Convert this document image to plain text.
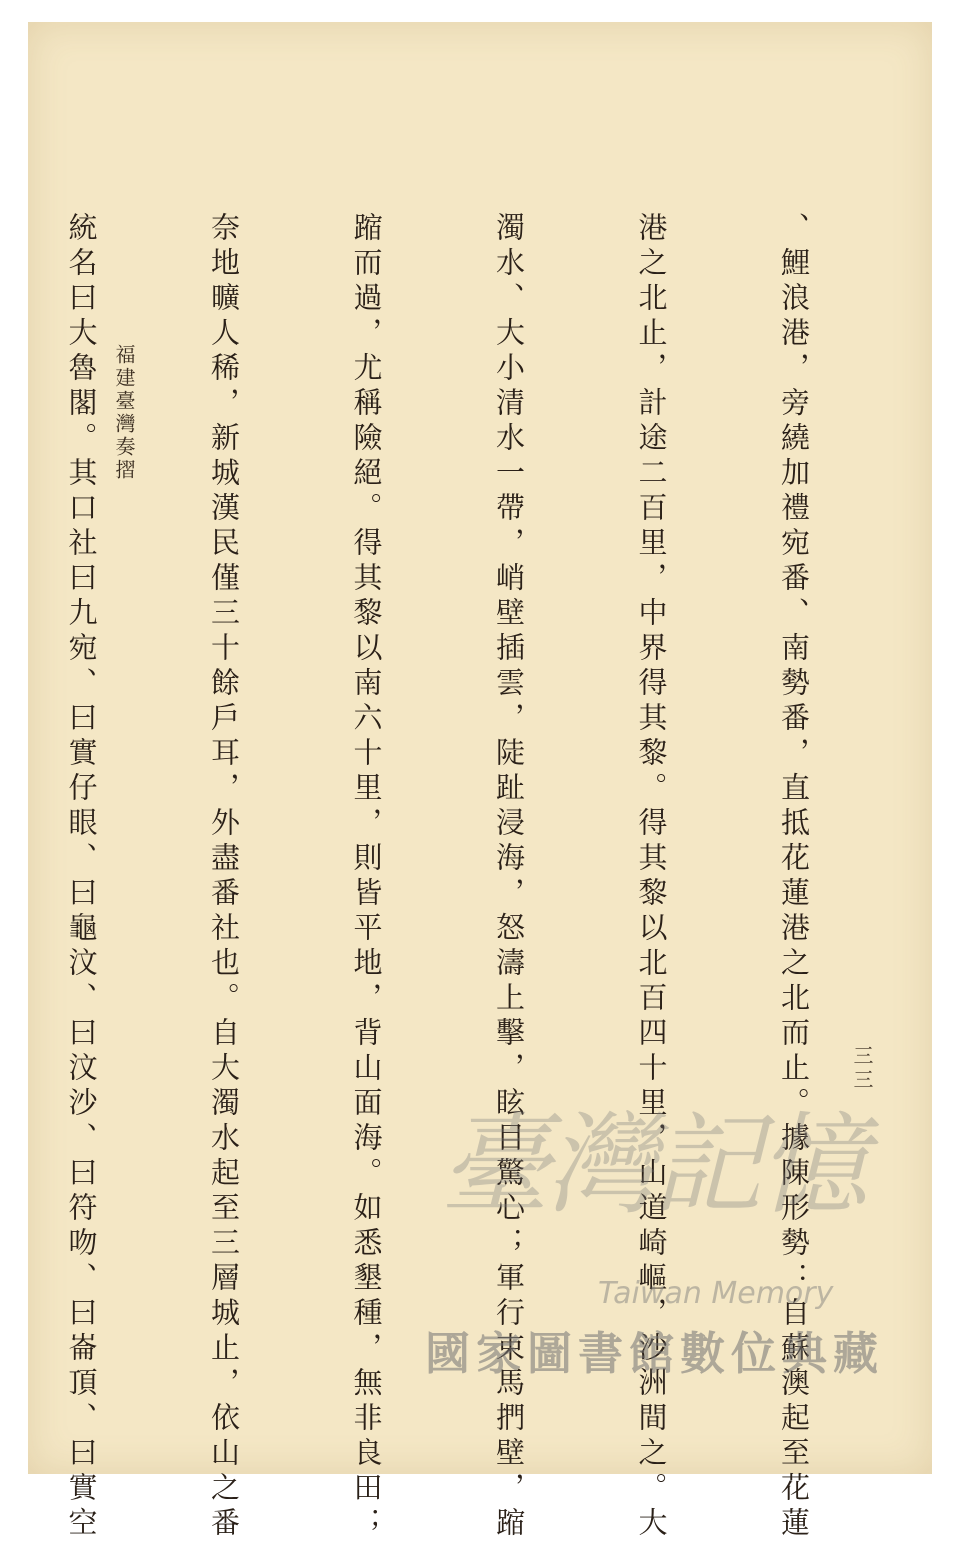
福建臺灣奏摺

	、鯉浪港，旁繞加禮宛番、南勢番，直抵花蓮港之北而止。據陳形勢：自蘇澳起至花蓮

港之北止，計途二百里，中界得其黎。得其黎以北百四十里，山道崎嶇，沙洲間之。大

濁水、大小清水一帶，峭壁插雲，陡趾浸海，怒濤上擊，眩目驚心；軍行束馬捫壁，蹜

蹜而過，尤稱險絕。得其黎以南六十里，則皆平地，背山面海。如悉墾種，無非良田；

奈地曠人稀，新城漢民僅三十餘戶耳，外盡番社也。自大濁水起至三層城止，依山之番

統名曰大魯閣。其口社曰九宛、曰實仔眼、曰龜汶、曰汶沙、曰符吻、曰崙頂、曰實空

	三三
臺灣記憶
Taiwan Memory
國家圖書館數位典藏
